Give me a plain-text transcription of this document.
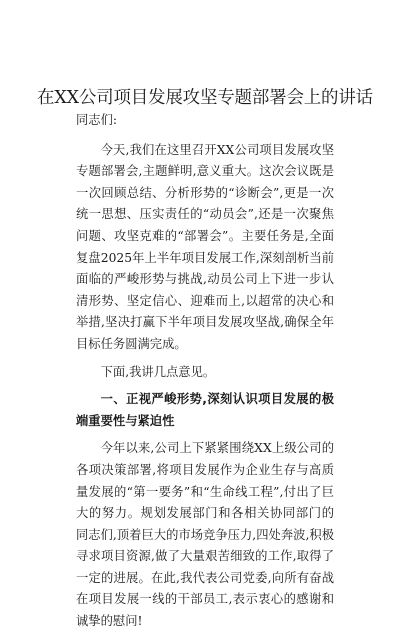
在XX公司项目发展攻坚专题部署会上的讲话

同志们:

今天,我们在这里召开XX公司项目发展攻坚专题部署会,主题鲜明,意义重大。这次会议既是一次回顾总结、分析形势的“诊断会”,更是一次统一思想、压实责任的“动员会”,还是一次聚焦问题、攻坚克难的“部署会”。主要任务是,全面复盘2025年上半年项目发展工作,深刻剖析当前面临的严峻形势与挑战,动员公司上下进一步认清形势、坚定信心、迎难而上,以超常的决心和举措,坚决打赢下半年项目发展攻坚战,确保全年目标任务圆满完成。

下面,我讲几点意见。

一、正视严峻形势,深刻认识项目发展的极端重要性与紧迫性

今年以来,公司上下紧紧围绕XX上级公司的各项决策部署,将项目发展作为企业生存与高质量发展的“第一要务”和“生命线工程”,付出了巨大的努力。规划发展部门和各相关协同部门的同志们,顶着巨大的市场竞争压力,四处奔波,积极寻求项目资源,做了大量艰苦细致的工作,取得了一定的进展。在此,我代表公司党委,向所有奋战在项目发展一线的干部员工,表示衷心的感谢和诚挚的慰问!
